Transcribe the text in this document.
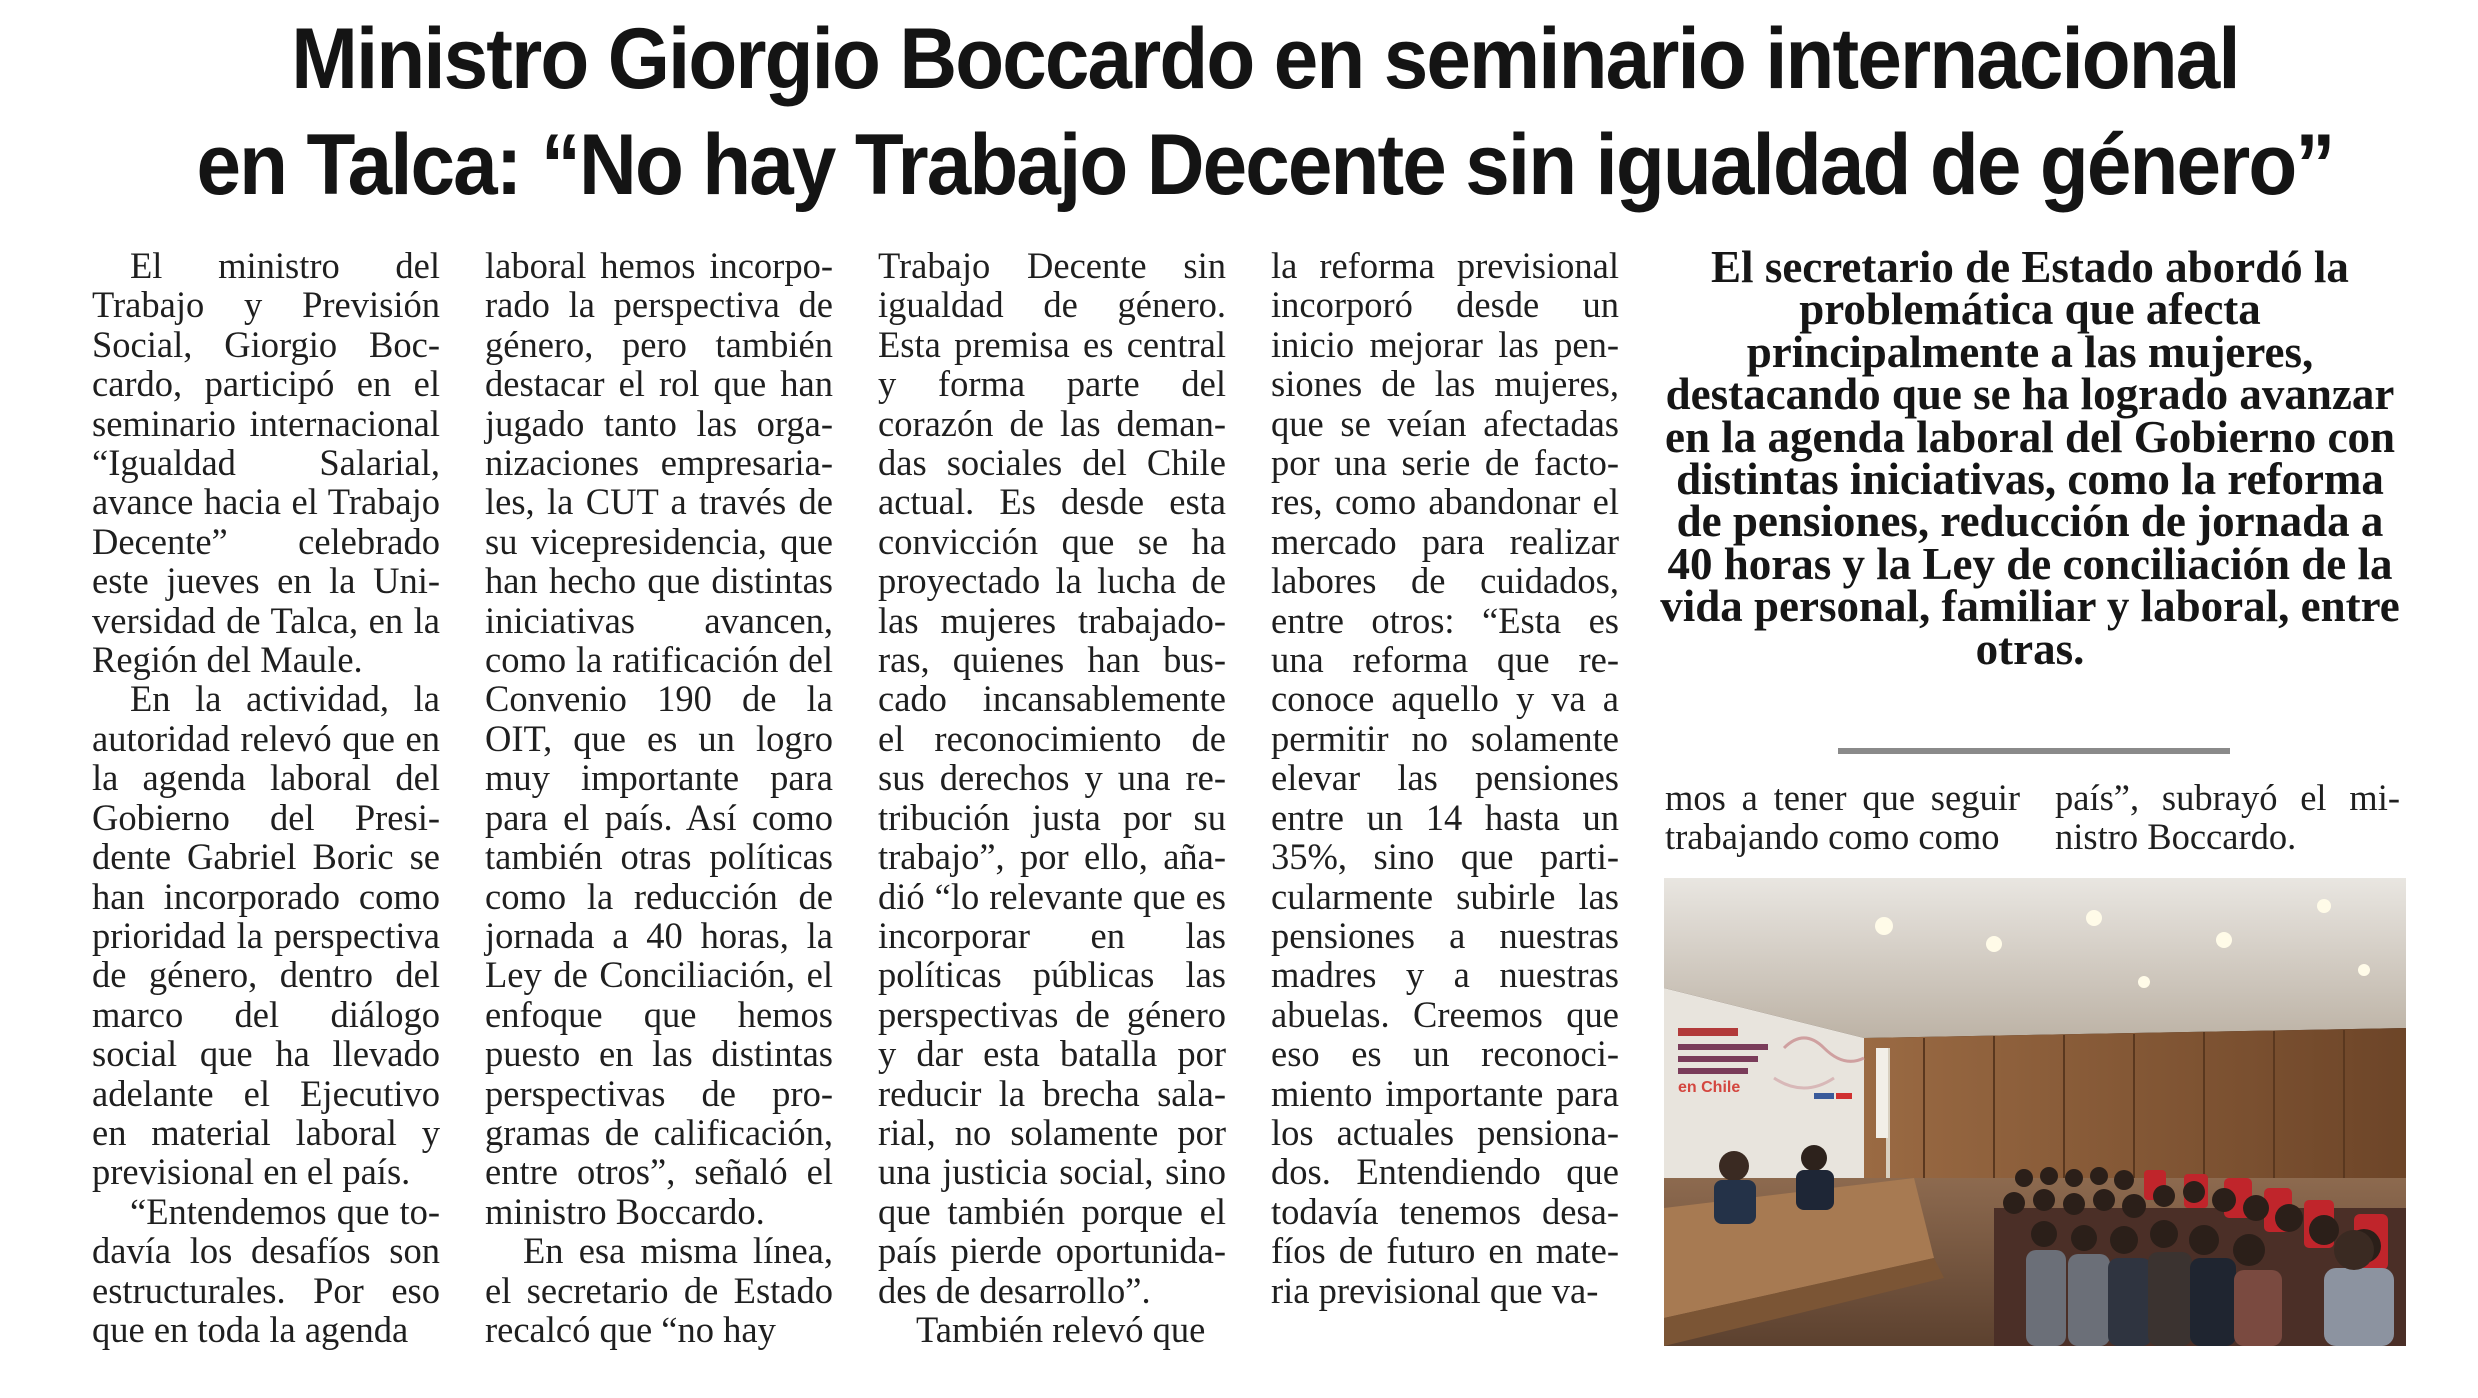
Ministro Giorgio Boccardo en seminario internacional
en Talca: “No hay Trabajo Decente sin igualdad de género”

El ministro del Trabajo y Previsión Social, Giorgio Boccardo, participó en el seminario internacional “Igualdad Salarial, avance hacia el Trabajo Decente” celebrado este jueves en la Universidad de Talca, en la Región del Maule.

En la actividad, la autoridad relevó que en la agenda laboral del Gobierno del Presidente Gabriel Boric se han incorporado como prioridad la perspectiva de género, dentro del marco del diálogo social que ha llevado adelante el Ejecutivo en material laboral y previsional en el país.

“Entendemos que todavía los desafíos son estructurales. Por eso que en toda la agenda

laboral hemos incorporado la perspectiva de género, pero también destacar el rol que han jugado tanto las organizaciones empresariales, la CUT a través de su vicepresidencia, que han hecho que distintas iniciativas avancen, como la ratificación del Convenio 190 de la OIT, que es un logro muy importante para para el país. Así como también otras políticas como la reducción de jornada a 40 horas, la Ley de Conciliación, el enfoque que hemos puesto en las distintas perspectivas de programas de calificación, entre otros”, señaló el ministro Boccardo.

En esa misma línea, el secretario de Estado recalcó que “no hay

Trabajo Decente sin igualdad de género. Esta premisa es central y forma parte del corazón de las demandas sociales del Chile actual. Es desde esta convicción que se ha proyectado la lucha de las mujeres trabajadoras, quienes han buscado incansablemente el reconocimiento de sus derechos y una retribución justa por su trabajo”, por ello, añadió “lo relevante que es incorporar en las políticas públicas las perspectivas de género y dar esta batalla por reducir la brecha salarial, no solamente por una justicia social, sino que también porque el país pierde oportunidades de desarrollo”.

También relevó que

la reforma previsional incorporó desde un inicio mejorar las pensiones de las mujeres, que se veían afectadas por una serie de factores, como abandonar el mercado para realizar labores de cuidados, entre otros: “Esta es una reforma que reconoce aquello y va a permitir no solamente elevar las pensiones entre un 14 hasta un 35%, sino que particularmente subirle las pensiones a nuestras madres y a nuestras abuelas. Creemos que eso es un reconocimiento importante para los actuales pensionados. Entendiendo que todavía tenemos desafíos de futuro en materia previsional que va-

El secretario de Estado abordó la problemática que afecta principalmente a las mujeres, destacando que se ha logrado avanzar en la agenda laboral del Gobierno con distintas iniciativas, como la reforma de pensiones, reducción de jornada a 40 horas y la Ley de conciliación de la vida personal, familiar y laboral, entre otras.

mos a tener que seguir trabajando como como

país”, subrayó el ministro Boccardo.

en Chile
